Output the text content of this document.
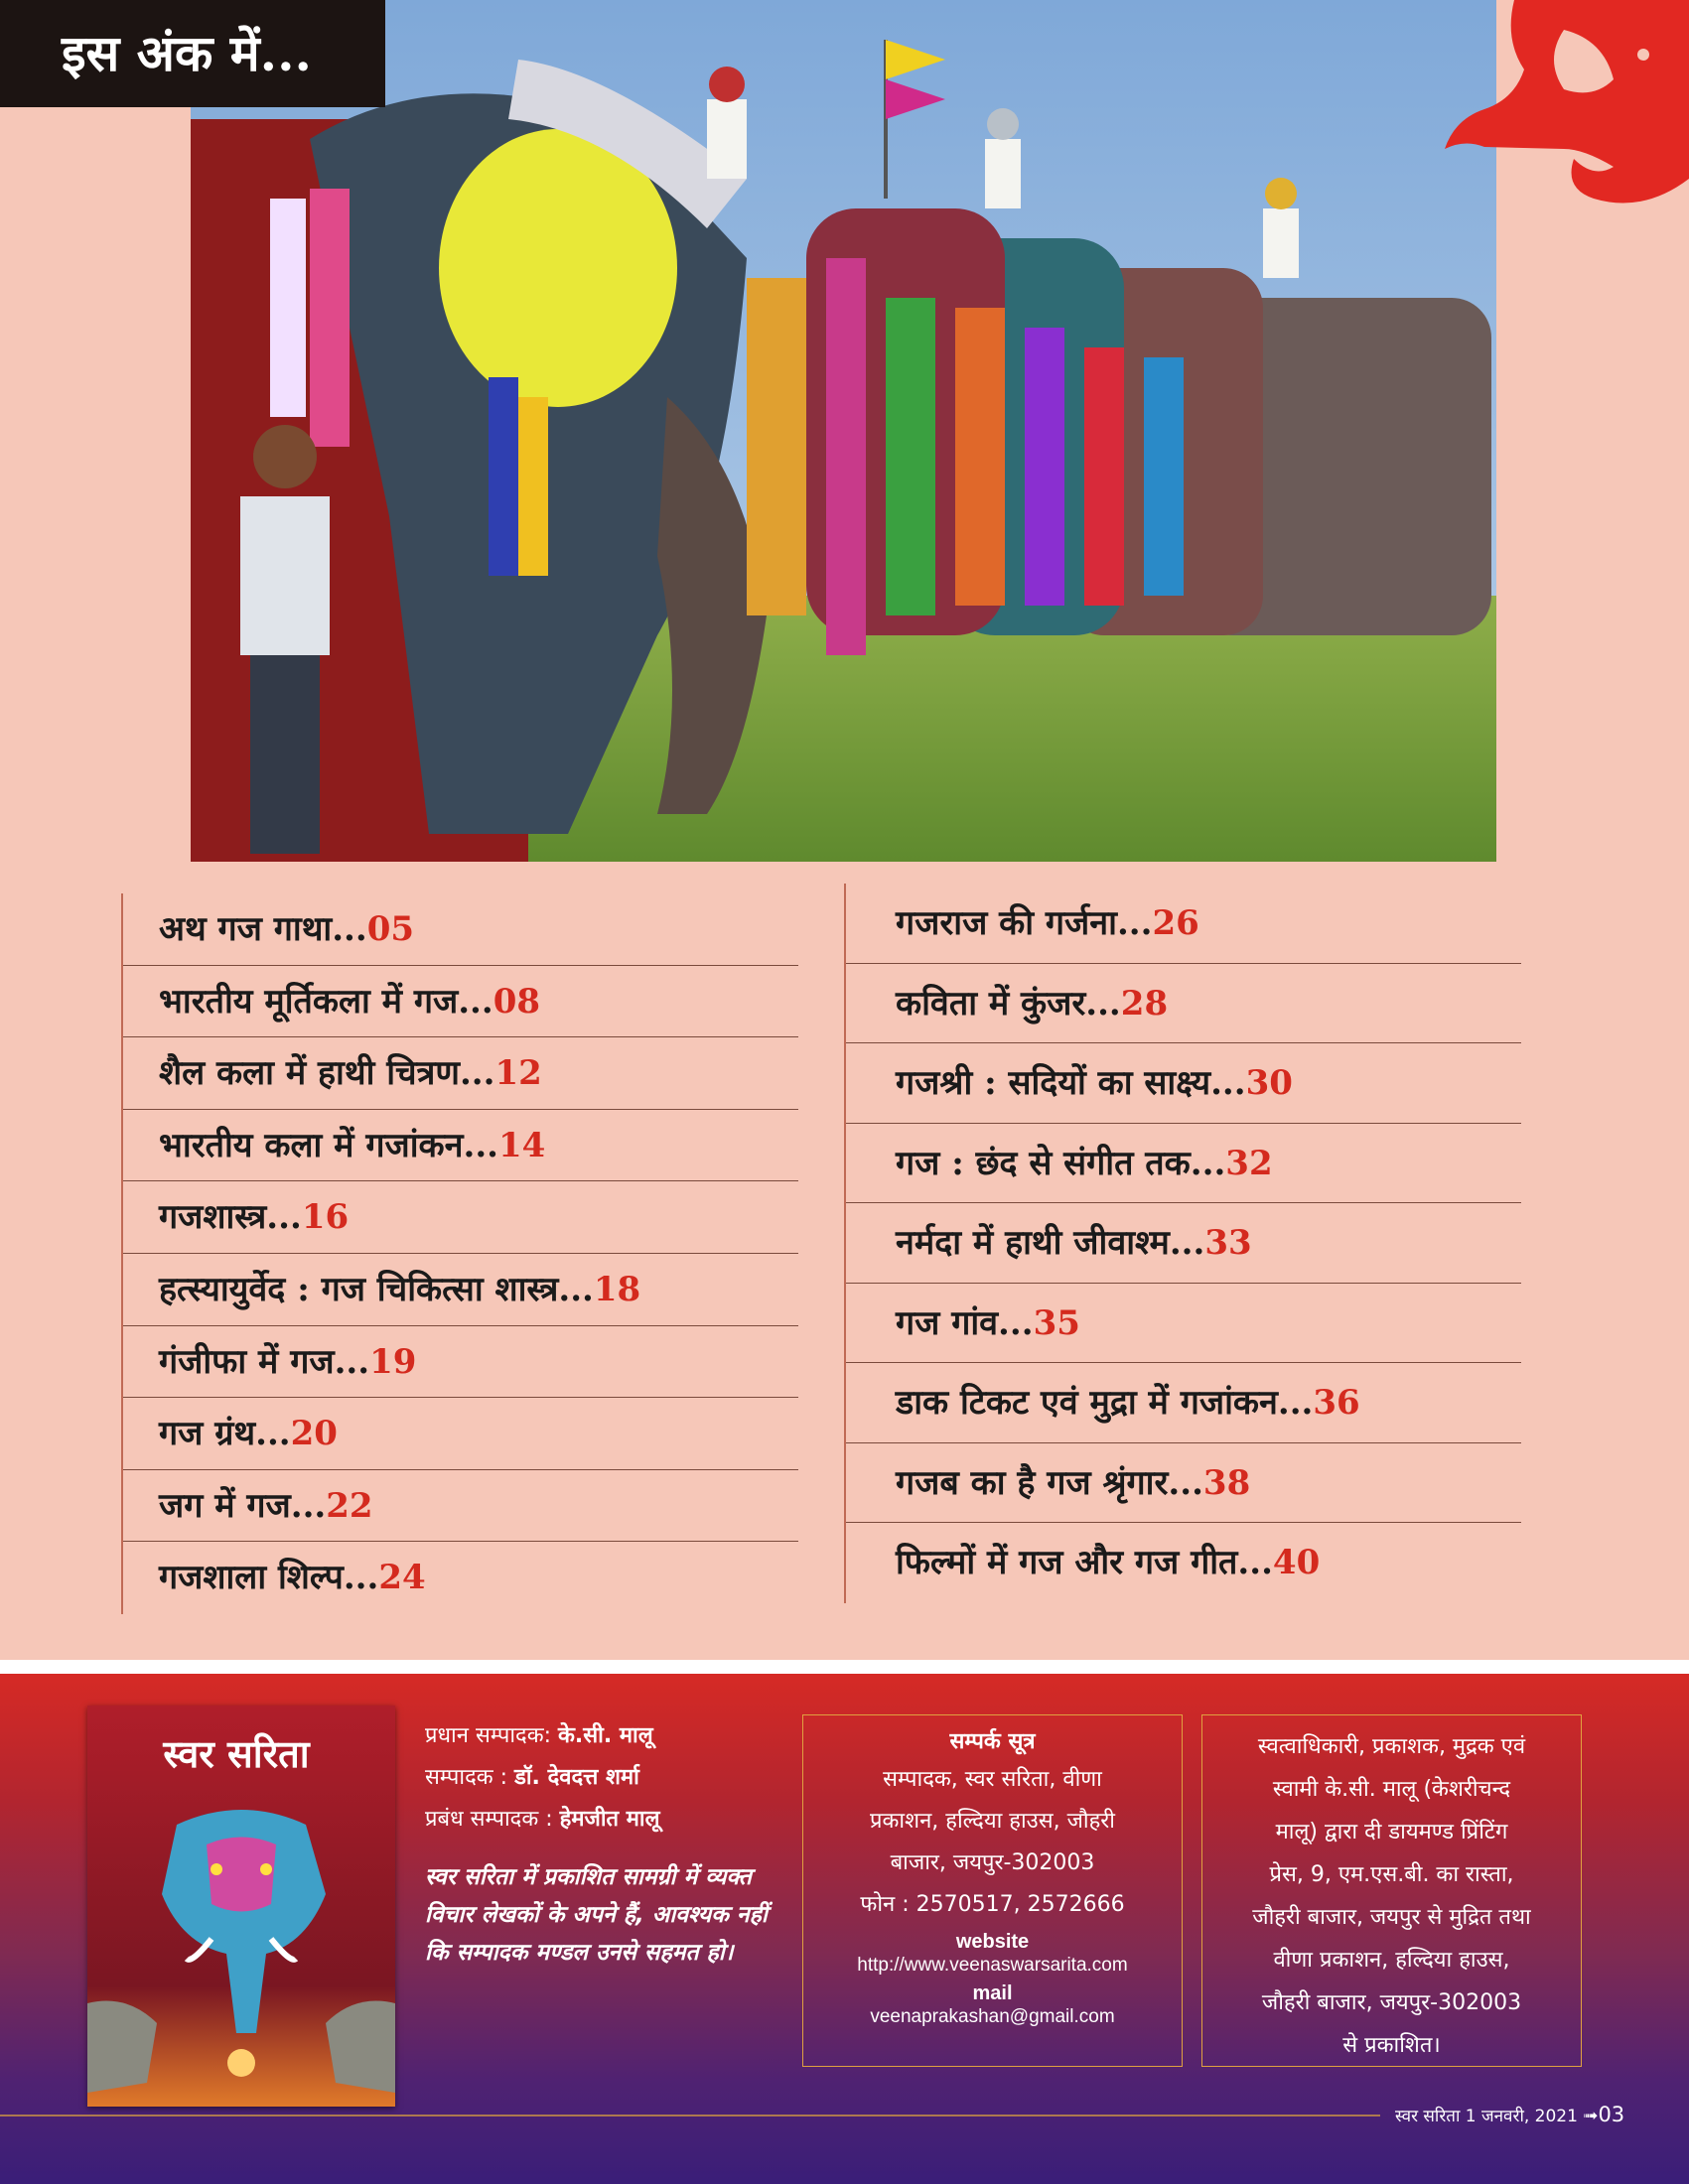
इस अंक में...
अथ गज गाथा...05
भारतीय मूर्तिकला में गज...08
शैल कला में हाथी चित्रण...12
भारतीय कला में गजांकन...14
गजशास्त्र...16
हत्स्यायुर्वेद : गज चिकित्सा शास्त्र...18
गंजीफा में गज...19
गज ग्रंथ...20
जग में गज...22
गजशाला शिल्प...24
गजराज की गर्जना...26
कविता में कुंजर...28
गजश्री : सदियों का साक्ष्य...30
गज : छंद से संगीत तक...32
नर्मदा में हाथी जीवाश्म...33
गज गांव...35
डाक टिकट एवं मुद्रा में गजांकन...36
गजब का है गज श्रृंगार...38
फिल्मों में गज और गज गीत...40
स्वर सरिता	प्रधान सम्पादक: के.सी. मालू
सम्पादक : डॉ. देवदत्त शर्मा
प्रबंध सम्पादक : हेमजीत मालू
स्वर सरिता में प्रकाशित सामग्री में व्यक्त विचार लेखकों के अपने हैं, आवश्यक नहीं कि सम्पादक मण्डल उनसे सहमत हो।
सम्पर्क सूत्र
सम्पादक, स्वर सरिता, वीणा
प्रकाशन, हल्दिया हाउस, जौहरी
बाजार, जयपुर-302003
फोन : 2570517, 2572666
website
http://www.veenaswarsarita.com
mail
veenaprakashan@gmail.com
स्वत्वाधिकारी, प्रकाशक, मुद्रक एवं
स्वामी के.सी. मालू (केशरीचन्द
मालू) द्वारा दी डायमण्ड प्रिंटिंग
प्रेस, 9, एम.एस.बी. का रास्ता,
जौहरी बाजार, जयपुर से मुद्रित तथा
वीणा प्रकाशन, हल्दिया हाउस,
जौहरी बाजार, जयपुर-302003
से प्रकाशित।
स्वर सरिता 1 जनवरी, 2021 ➟03
